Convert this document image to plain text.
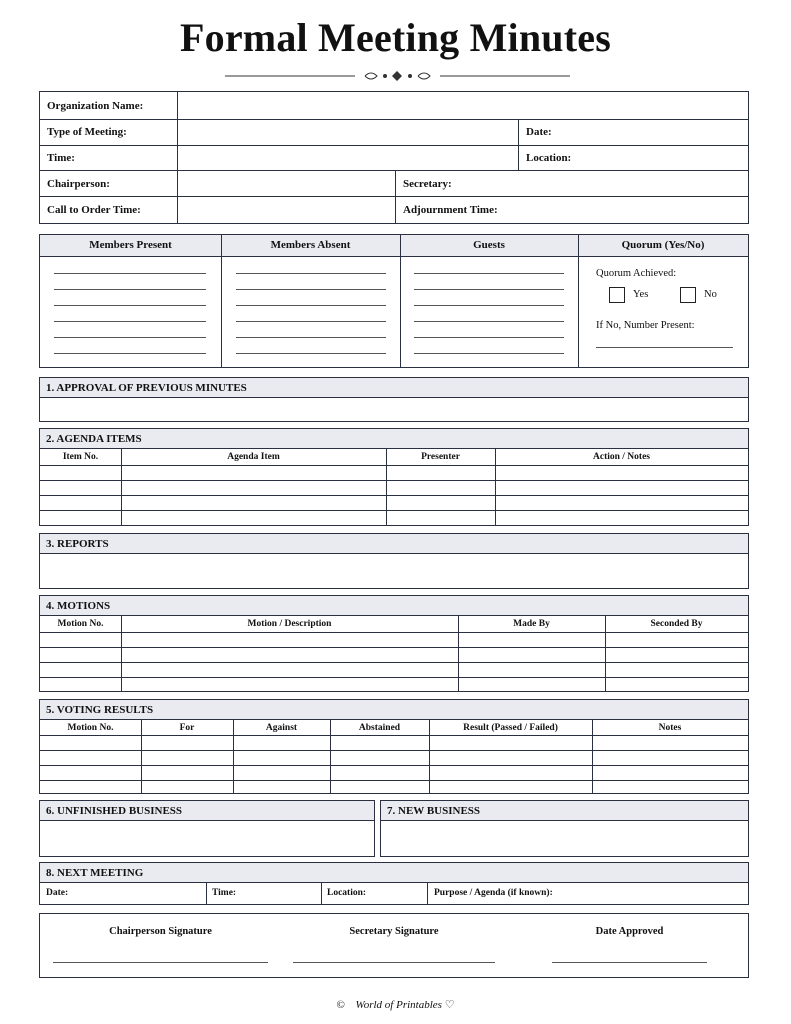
Formal Meeting Minutes
Organization Name:
Type of Meeting:	Date:
Time:	Location:
Chairperson:	Secretary:
Call to Order Time:	Adjournment Time:
Members Present	Members Absent	Guests	Quorum (Yes/No)
Quorum Achieved:
Yes	No
If No, Number Present:
1. APPROVAL OF PREVIOUS MINUTES
2. AGENDA ITEMS
Item No.	Agenda Item	Presenter	Action / Notes
3. REPORTS
4. MOTIONS
Motion No.	Motion / Description	Made By	Seconded By
5. VOTING RESULTS
Motion No.	For	Against	Abstained	Result (Passed / Failed)	Notes
6. UNFINISHED BUSINESS	7. NEW BUSINESS
8. NEXT MEETING
Date:	Time:	Location:	Purpose / Agenda (if known):
Chairperson Signature	Secretary Signature	Date Approved
© World of Printables ♡
